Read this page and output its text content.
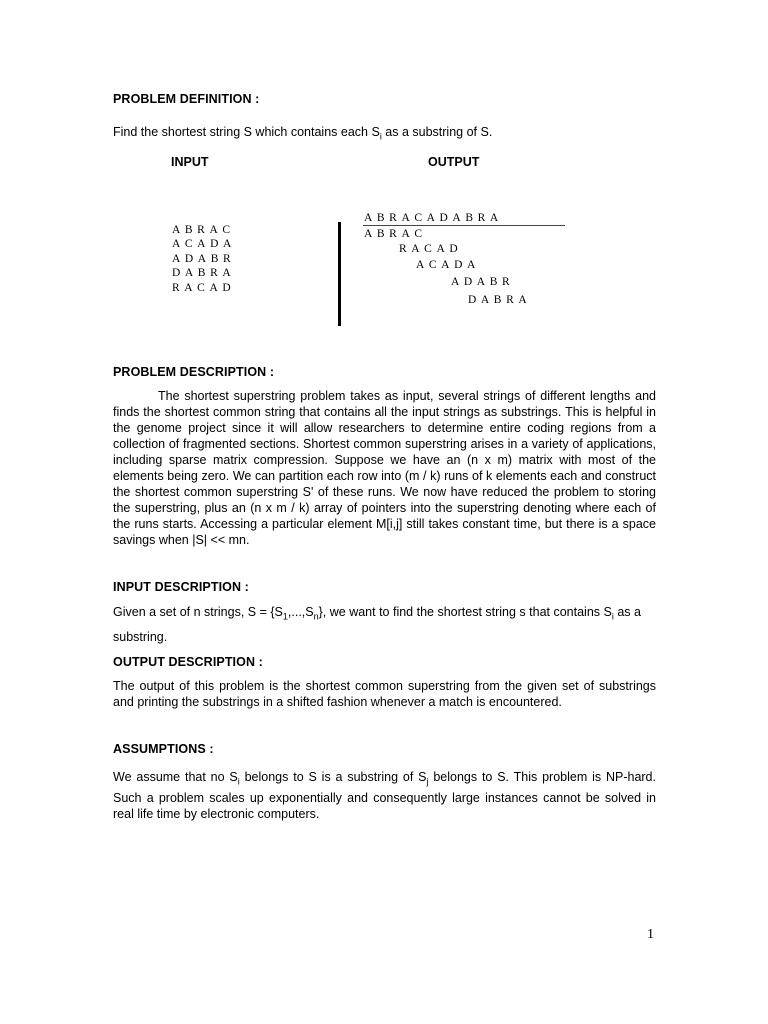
PROBLEM DEFINITION :

Find the shortest string S which contains each $S_i$ as a substring of S.

INPUT	OUTPUT
ABRAC
ACADA
ADABR
DABRA
RACAD
ABRACADABRA
ABRAC
RACAD
ACADA
ADABR
DABRA
PROBLEM DESCRIPTION :

The shortest superstring problem takes as input, several strings of different lengths and finds the shortest common string that contains all the input strings as substrings. This is helpful in the genome project since it will allow researchers to determine entire coding regions from a collection of fragmented sections. Shortest common superstring arises in a variety of applications, including sparse matrix compression. Suppose we have an (n x m) matrix with most of the elements being zero. We can partition each row into (m / k) runs of k elements each and construct the shortest common superstring S' of these runs. We now have reduced the problem to storing the superstring, plus an (n x m / k) array of pointers into the superstring denoting where each of the runs starts. Accessing a particular element M[i,j] still takes constant time, but there is a space savings when |S| << mn.

INPUT DESCRIPTION :

Given a set of n strings, $S = \{S_1,...,S_n\}$, we want to find the shortest string s that contains $S_i$ as a substring.

OUTPUT DESCRIPTION :

The output of this problem is the shortest common superstring from the given set of substrings and printing the substrings in a shifted fashion whenever a match is encountered.

ASSUMPTIONS :

We assume that no $S_i$ belongs to S is a substring of $S_j$ belongs to S. This problem is NP-hard. Such a problem scales up exponentially and consequently large instances cannot be solved in real life time by electronic computers.

1
